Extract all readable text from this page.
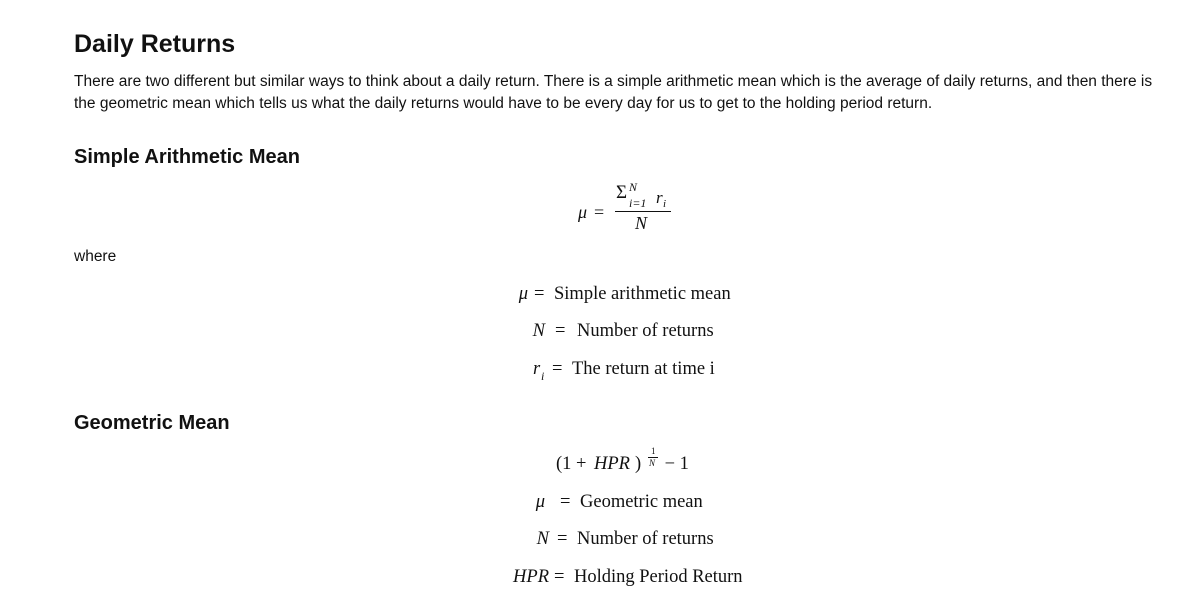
Daily Returns

There are two different but similar ways to think about a daily return. There is a simple arithmetic mean which is the average of daily returns, and then there is the geometric mean which tells us what the daily returns would have to be every day for us to get to the holding period return.

Simple Arithmetic Mean
μ =
Σ N
i=1 r i
N
where
μ = Simple arithmetic mean
N = Number of returns
r i = The return at time i
Geometric Mean
(1 + HPR )
1
N − 1
μ = Geometric mean
N = Number of returns
HPR = Holding Period Return
